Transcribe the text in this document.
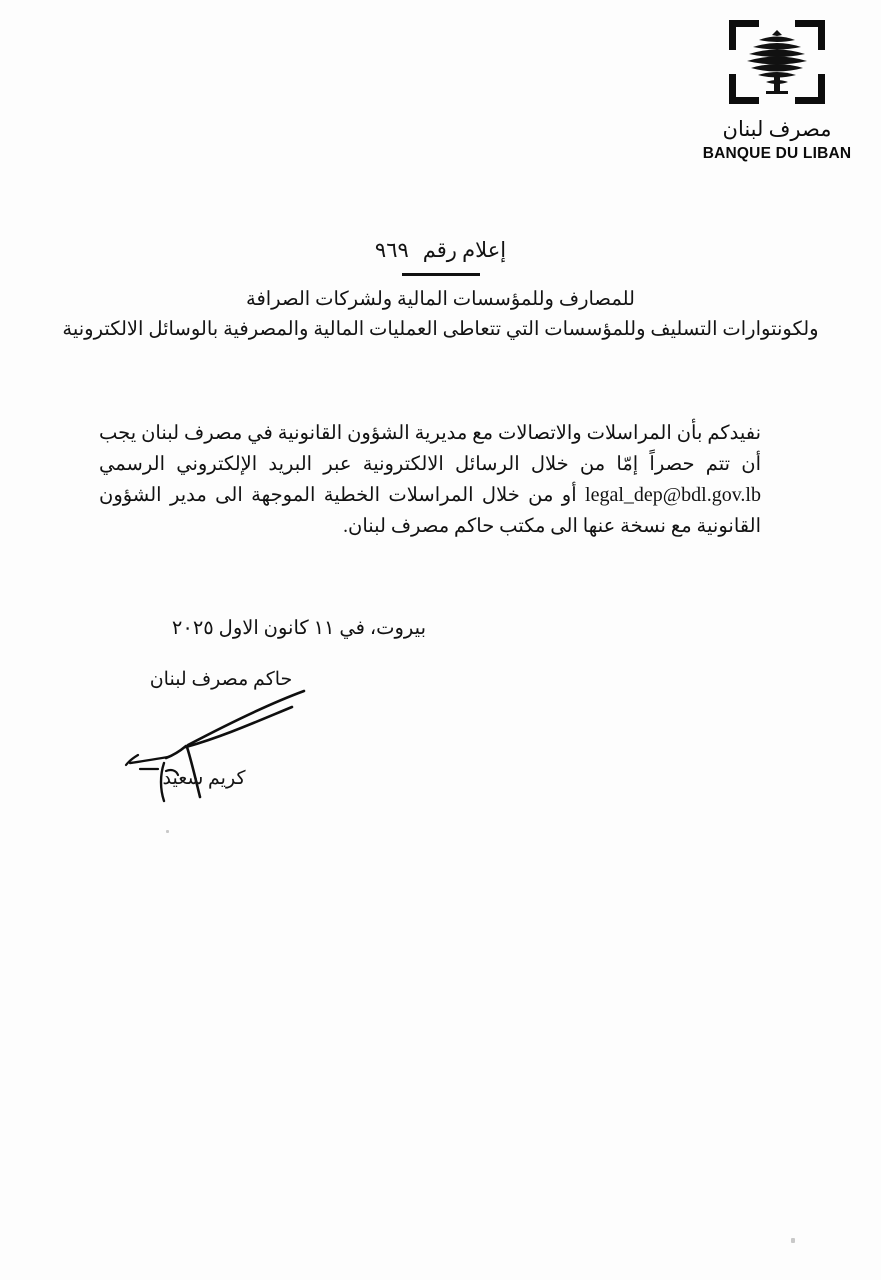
مصرف لبنان
BANQUE DU LIBAN
إعلام رقم٩٦٩
للمصارف وللمؤسسات المالية ولشركات الصرافة
ولكونتوارات التسليف وللمؤسسات التي تتعاطى العمليات المالية والمصرفية بالوسائل الالكترونية

نفيدكم بأن المراسلات والاتصالات مع مديرية الشؤون القانونية في مصرف لبنان يجب أن تتم حصراً إمّا من خلال الرسائل الالكترونية عبر البريد الإلكتروني الرسمي legal_dep@bdl.gov.lb أو من خلال المراسلات الخطية الموجهة الى مدير الشؤون القانونية مع نسخة عنها الى مكتب حاكم مصرف لبنان.

بيروت، في ١١ كانون الاول ٢٠٢٥
حاكم مصرف لبنان
كريم سعيد
